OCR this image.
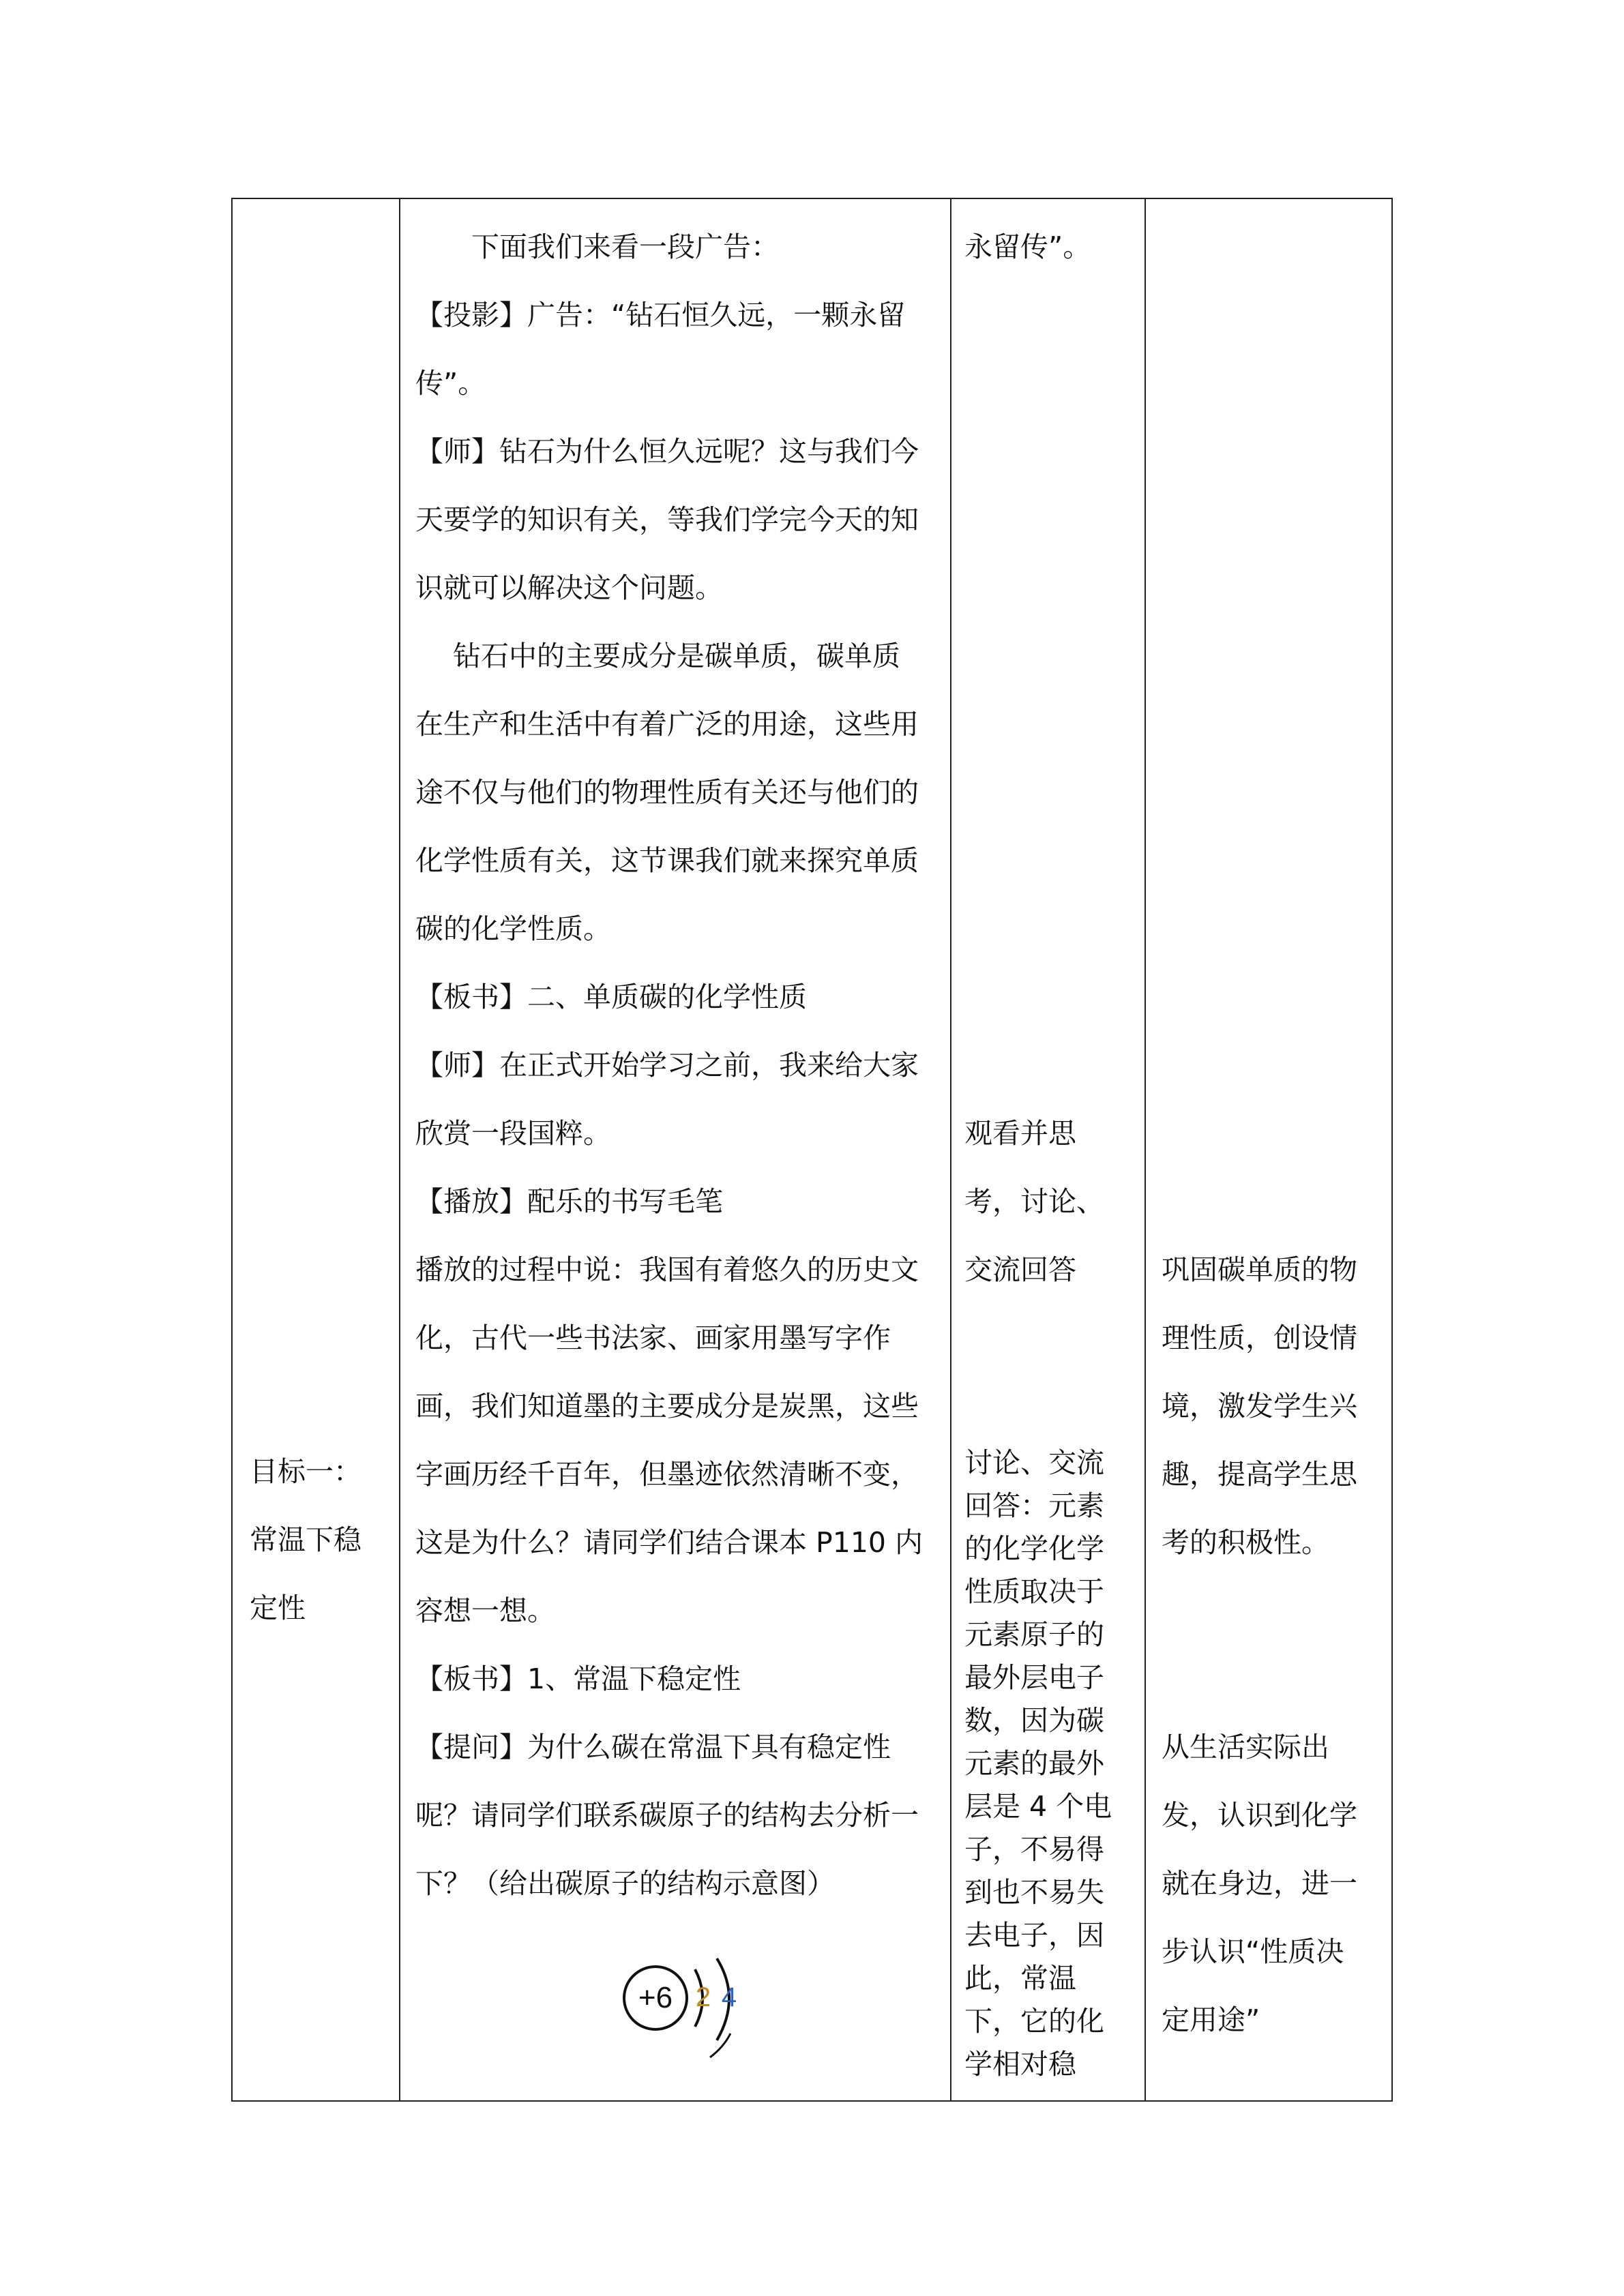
目标一：

常温下稳

定性

下面我们来看一段广告：

【投影】广告：“钻石恒久远，一颗永留

传”。

【师】钻石为什么恒久远呢？这与我们今

天要学的知识有关，等我们学完今天的知

识就可以解决这个问题。

钻石中的主要成分是碳单质，碳单质

在生产和生活中有着广泛的用途，这些用

途不仅与他们的物理性质有关还与他们的

化学性质有关，这节课我们就来探究单质

碳的化学性质。

【板书】二、单质碳的化学性质

【师】在正式开始学习之前，我来给大家

欣赏一段国粹。

【播放】配乐的书写毛笔

播放的过程中说：我国有着悠久的历史文

化，古代一些书法家、画家用墨写字作

画，我们知道墨的主要成分是炭黑，这些

字画历经千百年，但墨迹依然清晰不变，

这是为什么？请同学们结合课本 P110 内

容想一想。

【板书】1、常温下稳定性

【提问】为什么碳在常温下具有稳定性

呢？请同学们联系碳原子的结构去分析一

下？（给出碳原子的结构示意图）

+6 2 4

永留传”。

观看并思

考，讨论、

交流回答

讨论、交流

回答：元素

的化学化学

性质取决于

元素原子的

最外层电子

数，因为碳

元素的最外

层是 4 个电

子，不易得

到也不易失

去电子，因

此，常温

下，它的化

学相对稳

巩固碳单质的物

理性质，创设情

境，激发学生兴

趣，提高学生思

考的积极性。

从生活实际出

发，认识到化学

就在身边，进一

步认识“性质决

定用途”
